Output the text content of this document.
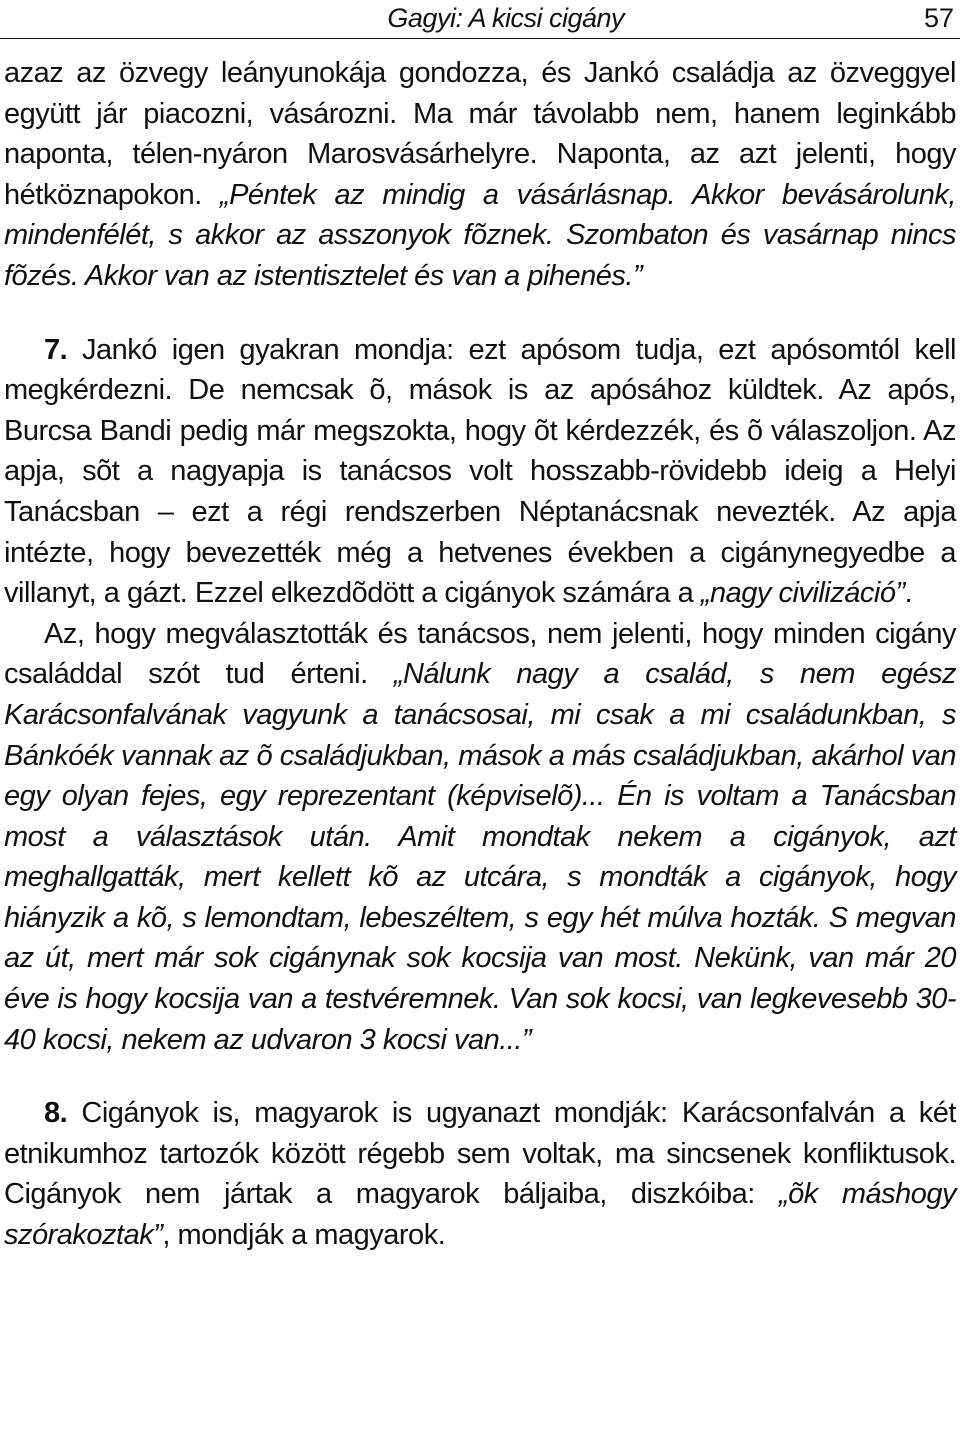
Gagyi: A kicsi cigány	57

azaz az özvegy leányunokája gondozza, és Jankó családja az özveggyel együtt jár piacozni, vásározni. Ma már távolabb nem, hanem leginkább naponta, télen-nyáron Marosvásárhelyre. Naponta, az azt jelenti, hogy hétköznapokon. „Péntek az mindig a vásárlásnap. Akkor bevásárolunk, mindenfélét, s akkor az asszonyok fõznek. Szombaton és vasárnap nincs fõzés. Akkor van az istentisztelet és van a pihenés.”

7. Jankó igen gyakran mondja: ezt apósom tudja, ezt apósomtól kell megkérdezni. De nemcsak õ, mások is az apósához küldtek. Az após, Burcsa Bandi pedig már megszokta, hogy õt kérdezzék, és õ válaszoljon. Az apja, sõt a nagyapja is tanácsos volt hosszabb-rövidebb ideig a Helyi Tanácsban – ezt a régi rendszerben Néptanácsnak nevezték. Az apja intézte, hogy bevezették még a hetvenes években a cigánynegyedbe a villanyt, a gázt. Ezzel elkezdõdött a cigányok számára a „nagy civilizáció”.

Az, hogy megválasztották és tanácsos, nem jelenti, hogy minden cigány családdal szót tud érteni. „Nálunk nagy a család, s nem egész Karácsonfalvának vagyunk a tanácsosai, mi csak a mi családunkban, s Bánkóék vannak az õ családjukban, mások a más családjukban, akárhol van egy olyan fejes, egy reprezentant (képviselõ)... Én is voltam a Tanácsban most a választások után. Amit mondtak nekem a cigányok, azt meghallgatták, mert kellett kõ az utcára, s mondták a cigányok, hogy hiányzik a kõ, s lemondtam, lebeszéltem, s egy hét múlva hozták. S megvan az út, mert már sok cigánynak sok kocsija van most. Nekünk, van már 20 éve is hogy kocsija van a testvéremnek. Van sok kocsi, van legkevesebb 30-40 kocsi, nekem az udvaron 3 kocsi van...”

8. Cigányok is, magyarok is ugyanazt mondják: Karácsonfalván a két etnikumhoz tartozók között régebb sem voltak, ma sincsenek konfliktusok. Cigányok nem jártak a magyarok báljaiba, diszkóiba: „õk máshogy szórakoztak”, mondják a magyarok.
